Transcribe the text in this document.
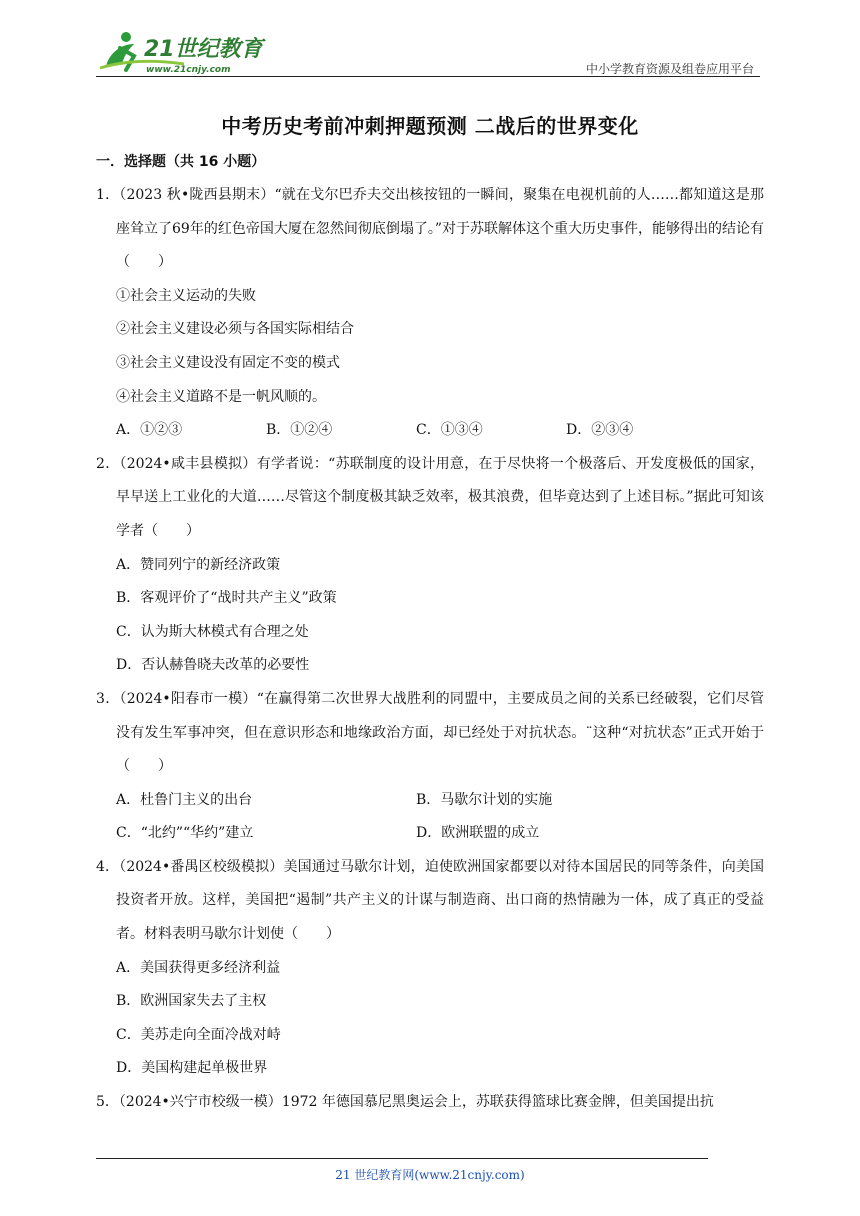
21世纪教育
www.21cnjy.com	中小学教育资源及组卷应用平台
中考历史考前冲刺押题预测 二战后的世界变化
一．选择题（共 16 小题）
1．（2023 秋•陇西县期末）“就在戈尔巴乔夫交出核按钮的一瞬间，聚集在电视机前的人……都知道这是那座耸立了69年的红色帝国大厦在忽然间彻底倒塌了。”对于苏联解体这个重大历史事件，能够得出的结论有（　　）
①社会主义运动的失败
②社会主义建设必须与各国实际相结合
③社会主义建设没有固定不变的模式
④社会主义道路不是一帆风顺的。
A．①②③	B．①②④	C．①③④	D．②③④
2．（2024•咸丰县模拟）有学者说：“苏联制度的设计用意，在于尽快将一个极落后、开发度极低的国家，早早送上工业化的大道……尽管这个制度极其缺乏效率，极其浪费，但毕竟达到了上述目标。”据此可知该学者（　　）
A．赞同列宁的新经济政策
B．客观评价了“战时共产主义”政策
C．认为斯大林模式有合理之处
D．否认赫鲁晓夫改革的必要性
3．（2024•阳春市一模）“在赢得第二次世界大战胜利的同盟中，主要成员之间的关系已经破裂，它们尽管没有发生军事冲突，但在意识形态和地缘政治方面，却已经处于对抗状态。¨这种“对抗状态”正式开始于（　　）
A．杜鲁门主义的出台	B．马歇尔计划的实施
C．“北约”“华约”建立	D．欧洲联盟的成立
4．（2024•番禺区校级模拟）美国通过马歇尔计划，迫使欧洲国家都要以对待本国居民的同等条件，向美国投资者开放。这样，美国把“遏制”共产主义的计谋与制造商、出口商的热情融为一体，成了真正的受益者。材料表明马歇尔计划使（　　）
A．美国获得更多经济利益
B．欧洲国家失去了主权
C．美苏走向全面冷战对峙
D．美国构建起单极世界
5．（2024•兴宁市校级一模）1972 年德国慕尼黑奥运会上，苏联获得篮球比赛金牌，但美国提出抗
21 世纪教育网(www.21cnjy.com)
